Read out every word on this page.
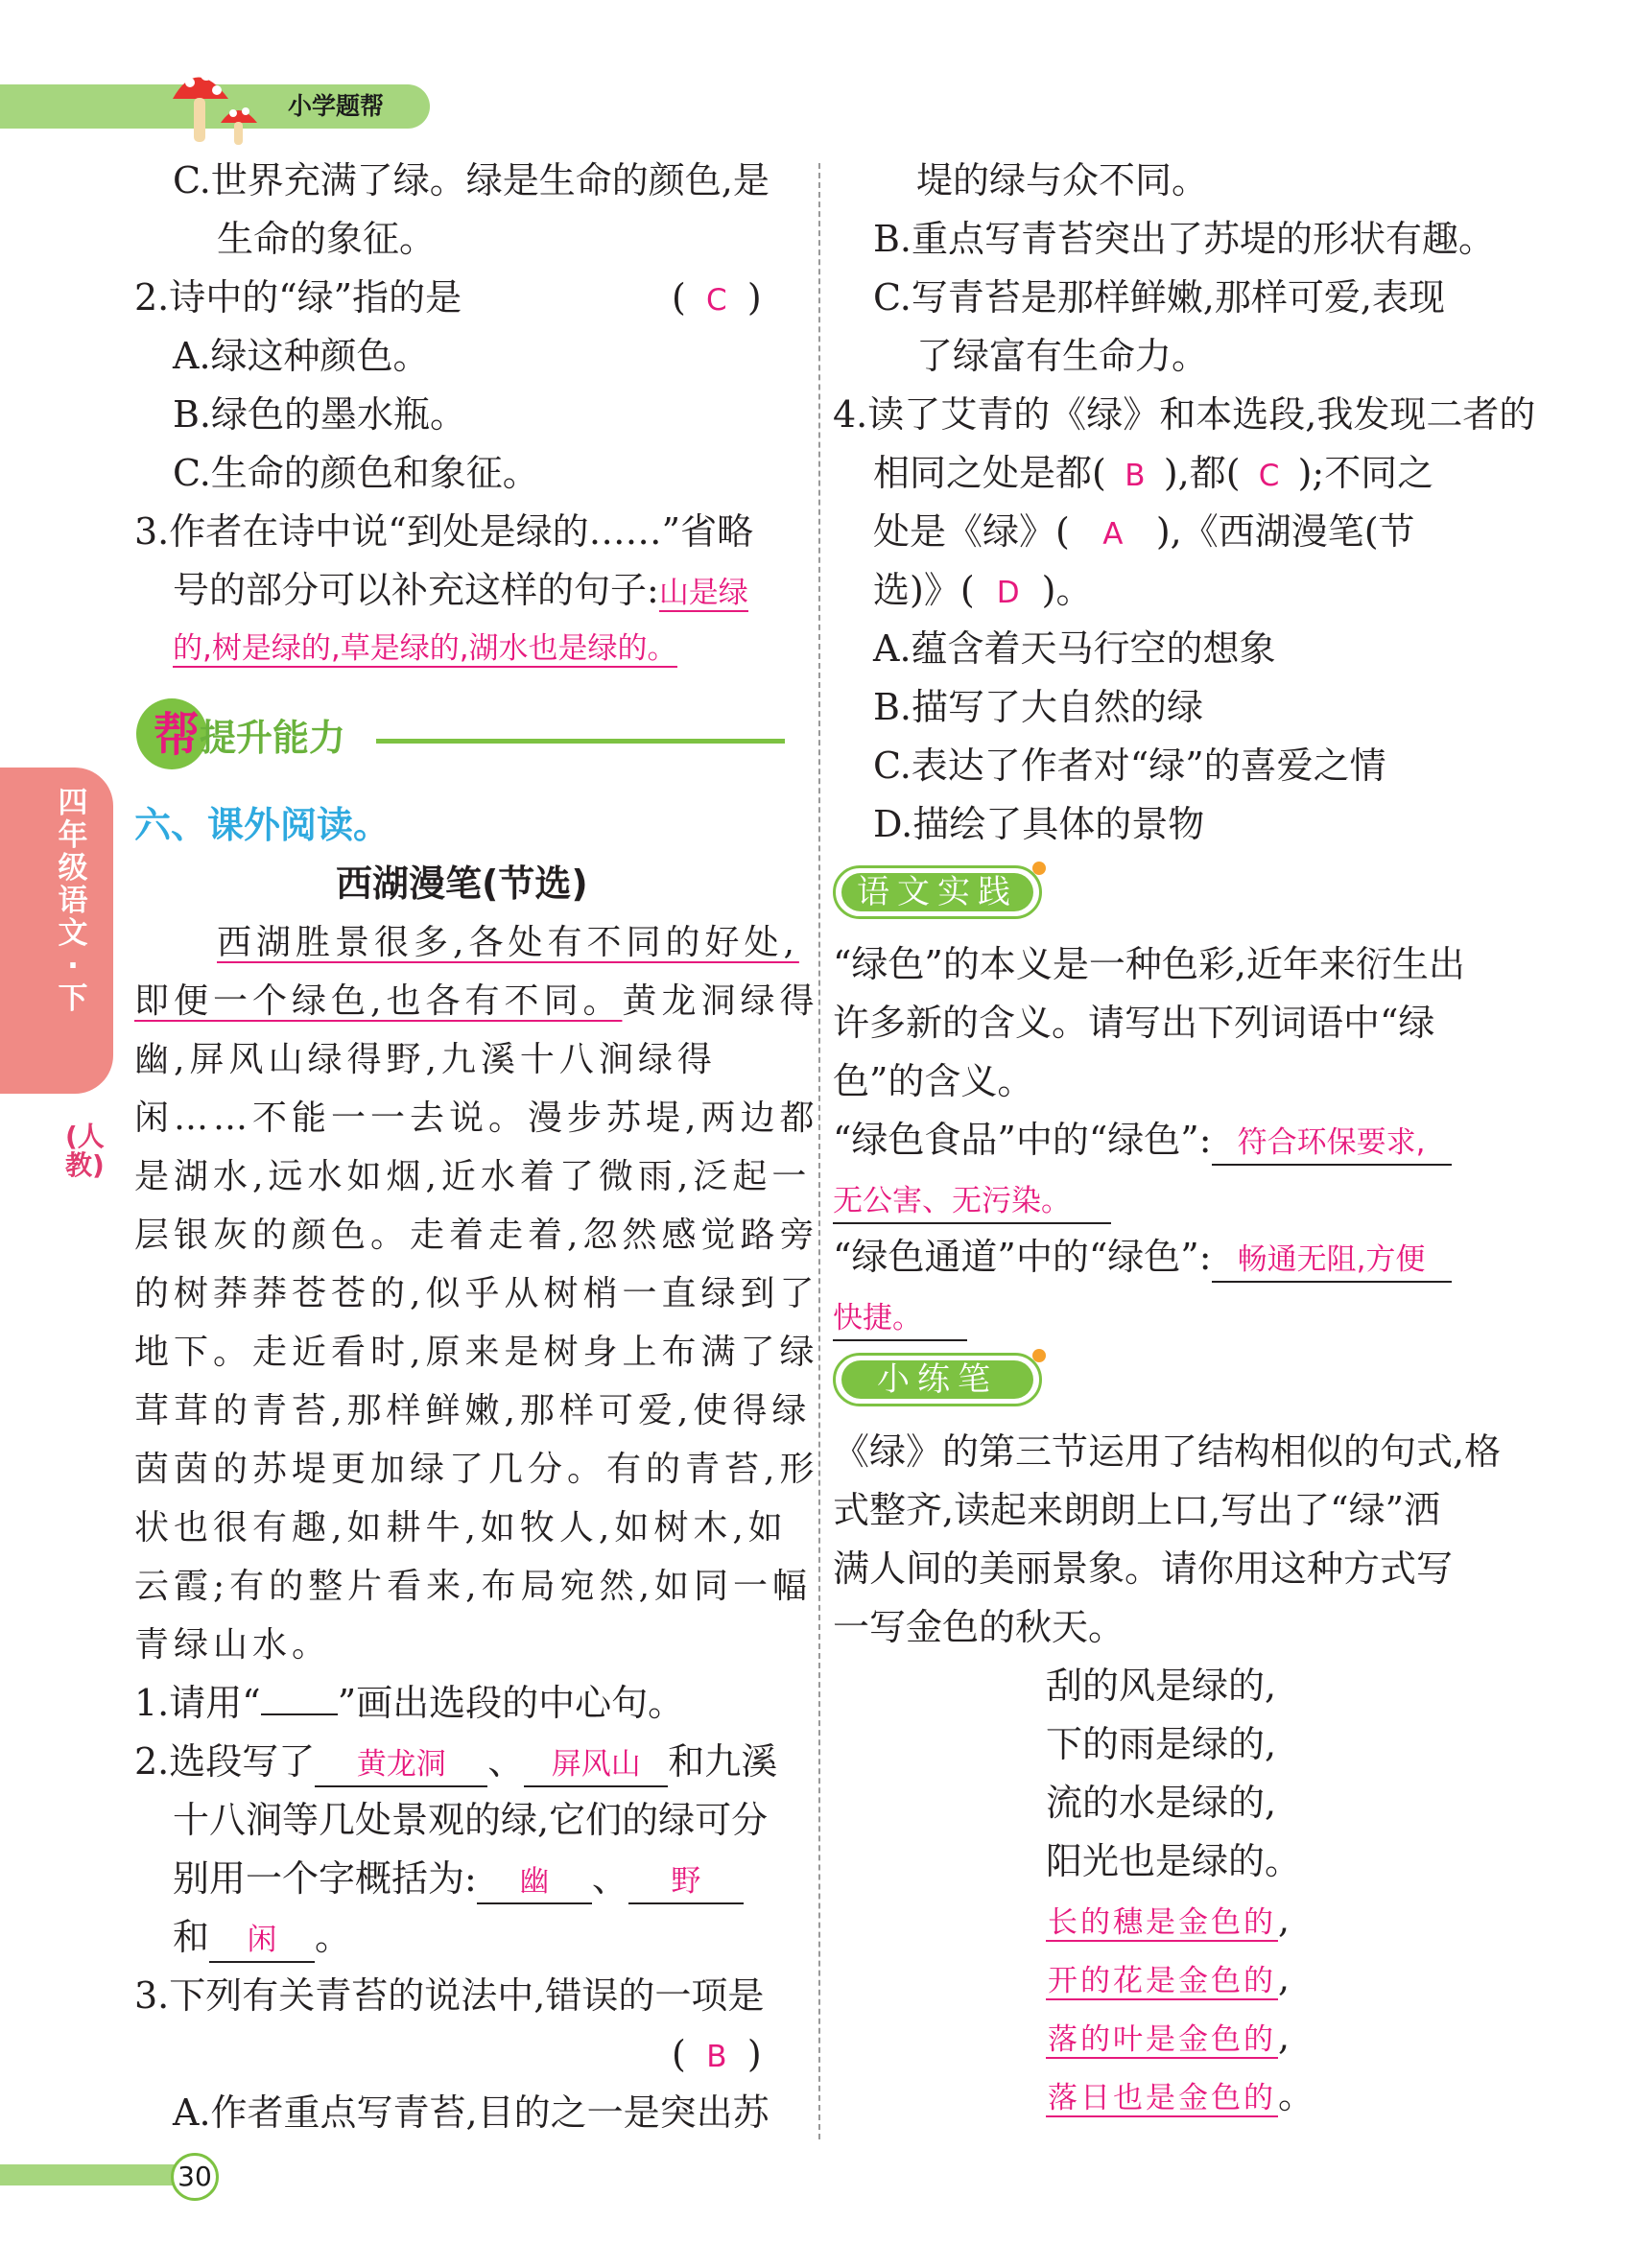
小学题帮
四年级语文·下
(人教)
C.世界充满了绿。绿是生命的颜色,是
生命的象征。
2.诗中的“绿”指的是	( C )
A.绿这种颜色。
B.绿色的墨水瓶。
C.生命的颜色和象征。
3.作者在诗中说“到处是绿的……”省略
号的部分可以补充这样的句子:山是绿
的,树是绿的,草是绿的,湖水也是绿的。
帮提升能力
六、课外阅读。
西湖漫笔(节选)
西湖胜景很多,各处有不同的好处,
即便一个绿色,也各有不同。黄龙洞绿得
幽,屏风山绿得野,九溪十八涧绿得
闲……不能一一去说。漫步苏堤,两边都
是湖水,远水如烟,近水着了微雨,泛起一
层银灰的颜色。走着走着,忽然感觉路旁
的树莽莽苍苍的,似乎从树梢一直绿到了
地下。走近看时,原来是树身上布满了绿
茸茸的青苔,那样鲜嫩,那样可爱,使得绿
茵茵的苏堤更加绿了几分。有的青苔,形
状也很有趣,如耕牛,如牧人,如树木,如
云霞;有的整片看来,布局宛然,如同一幅
青绿山水。
1.请用“ ”画出选段的中心句。
2.选段写了 黄龙洞 、 屏风山 和九溪
十八涧等几处景观的绿,它们的绿可分
别用一个字概括为: 幽 、 野
和 闲 。
3.下列有关青苔的说法中,错误的一项是
( B )
A.作者重点写青苔,目的之一是突出苏
堤的绿与众不同。
B.重点写青苔突出了苏堤的形状有趣。
C.写青苔是那样鲜嫩,那样可爱,表现
了绿富有生命力。
4.读了艾青的《绿》和本选段,我发现二者的
相同之处是都( B ),都( C );不同之
处是《绿》( A ),《西湖漫笔(节
选)》( D )。
A.蕴含着天马行空的想象
B.描写了大自然的绿
C.表达了作者对“绿”的喜爱之情
D.描绘了具体的景物
语文实践
“绿色”的本义是一种色彩,近年来衍生出
许多新的含义。请写出下列词语中“绿
色”的含义。
“绿色食品”中的“绿色”: 符合环保要求,
无公害、无污染。
“绿色通道”中的“绿色”: 畅通无阻,方便
快捷。
小练笔
《绿》的第三节运用了结构相似的句式,格
式整齐,读起来朗朗上口,写出了“绿”洒
满人间的美丽景象。请你用这种方式写
一写金色的秋天。
刮的风是绿的,
下的雨是绿的,
流的水是绿的,
阳光也是绿的。
长的穗是金色的,
开的花是金色的,
落的叶是金色的,
落日也是金色的。
30
